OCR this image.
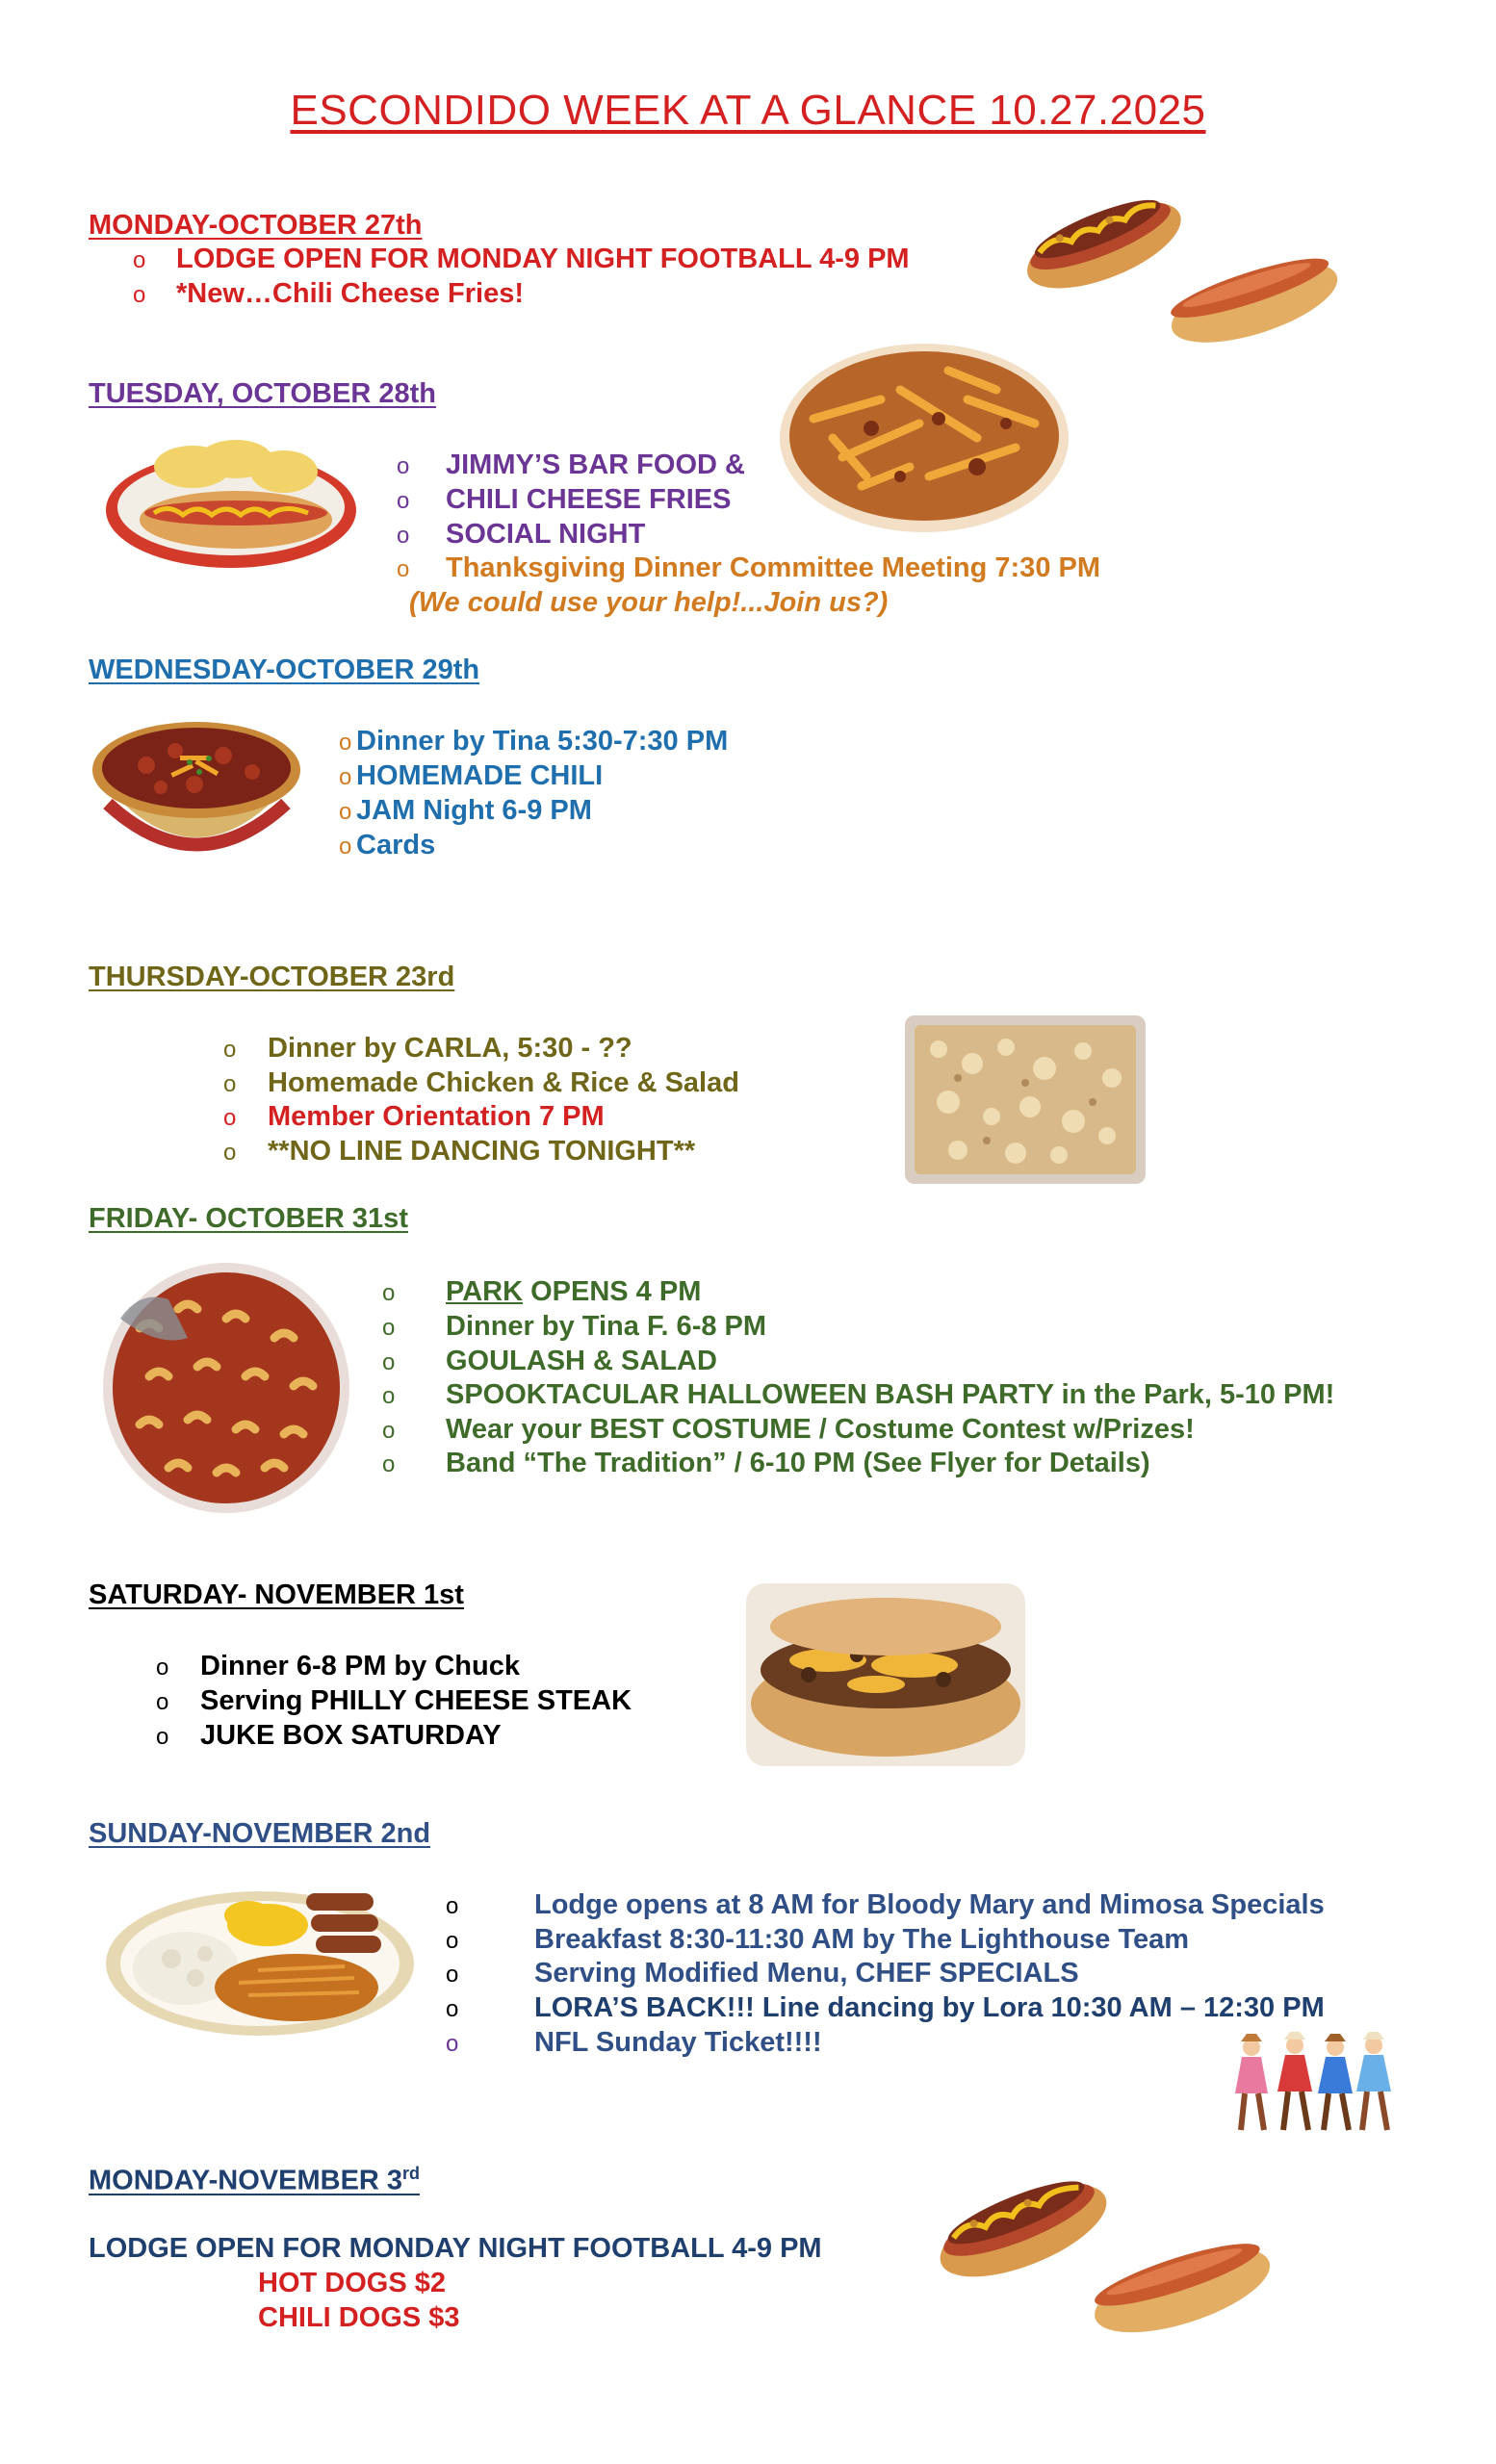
ESCONDIDO WEEK AT A GLANCE 10.27.2025
MONDAY-OCTOBER 27th
o LODGE OPEN FOR MONDAY NIGHT FOOTBALL 4-9 PM
o *New…Chili Cheese Fries!
TUESDAY, OCTOBER 28th
o JIMMY’S BAR FOOD &
o CHILI CHEESE FRIES
o SOCIAL NIGHT
o Thanksgiving Dinner Committee Meeting 7:30 PM
(We could use your help!...Join us?)
WEDNESDAY-OCTOBER 29th
o Dinner by Tina 5:30-7:30 PM
o HOMEMADE CHILI
o JAM Night 6-9 PM
o Cards
THURSDAY-OCTOBER 23rd
o Dinner by CARLA, 5:30 - ??
o Homemade Chicken & Rice & Salad
o Member Orientation 7 PM
o **NO LINE DANCING TONIGHT**
FRIDAY- OCTOBER 31st
o PARK OPENS 4 PM
o Dinner by Tina F. 6-8 PM
o GOULASH & SALAD
o SPOOKTACULAR HALLOWEEN BASH PARTY in the Park, 5-10 PM!
o Wear your BEST COSTUME / Costume Contest w/Prizes!
o Band “The Tradition” / 6-10 PM (See Flyer for Details)
SATURDAY- NOVEMBER 1st
o Dinner 6-8 PM by Chuck
o Serving PHILLY CHEESE STEAK
o JUKE BOX SATURDAY
SUNDAY-NOVEMBER 2nd
o	Lodge opens at 8 AM for Bloody Mary and Mimosa Specials
o	Breakfast 8:30-11:30 AM by The Lighthouse Team
o	Serving Modified Menu, CHEF SPECIALS
o	LORA’S BACK!!! Line dancing by Lora 10:30 AM – 12:30 PM
o	NFL Sunday Ticket!!!!
MONDAY-NOVEMBER 3rd
LODGE OPEN FOR MONDAY NIGHT FOOTBALL 4-9 PM
HOT DOGS $2
CHILI DOGS $3
